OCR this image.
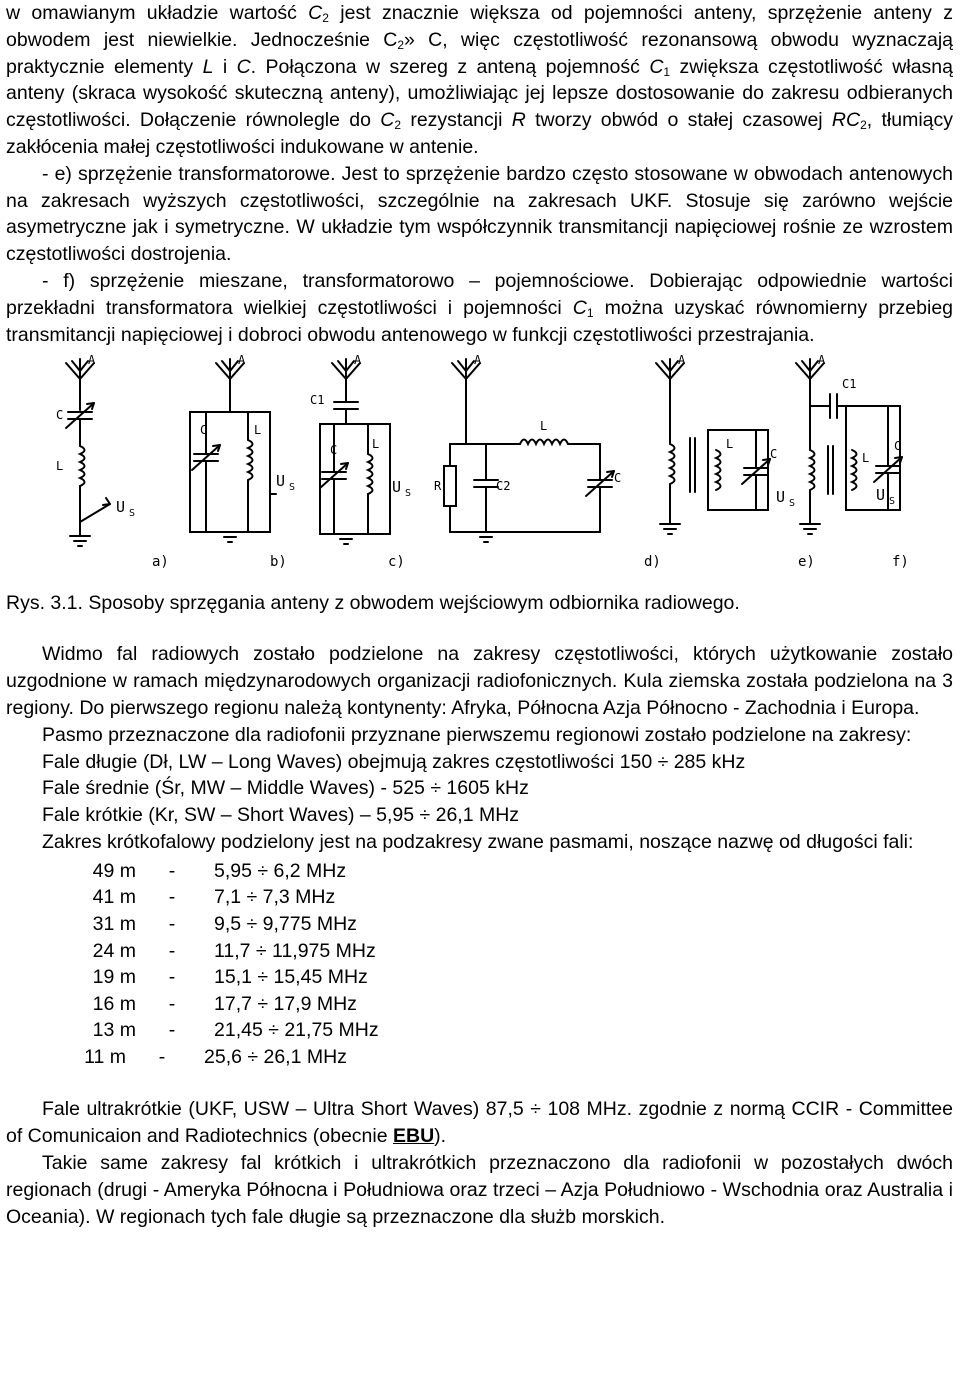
w omawianym układzie wartość $C_2$ jest znacznie większa od pojemności anteny, sprzężenie anteny z obwodem jest niewielkie. Jednocześnie $C_2$» C, więc częstotliwość rezonansową obwodu wyznaczają praktycznie elementy L i C. Połączona w szereg z anteną pojemność $C_1$ zwiększa częstotliwość własną anteny (skraca wysokość skuteczną anteny), umożliwiając jej lepsze dostosowanie do zakresu odbieranych częstotliwości. Dołączenie równolegle do $C_2$ rezystancji R tworzy obwód o stałej czasowej $RC_2$, tłumiący zakłócenia małej częstotliwości indukowane w antenie.

- e) sprzężenie transformatorowe. Jest to sprzężenie bardzo często stosowane w obwodach antenowych na zakresach wyższych częstotliwości, szczególnie na zakresach UKF. Stosuje się zarówno wejście asymetryczne jak i symetryczne. W układzie tym współczynnik transmitancji napięciowej rośnie ze wzrostem częstotliwości dostrojenia.

- f) sprzężenie mieszane, transformatorowo – pojemnościowe. Dobierając odpowiednie wartości przekładni transformatora wielkiej częstotliwości i pojemności $C_1$ można uzyskać równomierny przebieg transmitancji napięciowej i dobroci obwodu antenowego w funkcji częstotliwości przestrajania.

A
C
L
U S
a)
A
C	L
U S
b)
A
C1
C	L
U S
c)
A
R	C2
L
C
d)
A
L
C
U S
e)
A
C1
L
C
U S
f)

Rys. 3.1. Sposoby sprzęgania anteny z obwodem wejściowym odbiornika radiowego.

Widmo fal radiowych zostało podzielone na zakresy częstotliwości, których użytkowanie zostało uzgodnione w ramach międzynarodowych organizacji radiofonicznych. Kula ziemska została podzielona na 3 regiony. Do pierwszego regionu należą kontynenty: Afryka, Północna Azja Północno - Zachodnia i Europa.

Pasmo przeznaczone dla radiofonii przyznane pierwszemu regionowi zostało podzielone na zakresy:

Fale długie (Dł, LW – Long Waves) obejmują zakres częstotliwości 150 ÷ 285 kHz

Fale średnie (Śr, MW – Middle Waves) - 525 ÷ 1605 kHz

Fale krótkie (Kr, SW – Short Waves) – 5,95 ÷ 26,1 MHz

Zakres krótkofalowy podzielony jest na podzakresy zwane pasmami, noszące nazwę od długości fali:

49 m	-	5,95 ÷ 6,2 MHz
41 m	-	7,1 ÷ 7,3 MHz
31 m	-	9,5 ÷ 9,775 MHz
24 m	-	11,7 ÷ 11,975 MHz
19 m	-	15,1 ÷ 15,45 MHz
16 m	-	17,7 ÷ 17,9 MHz
13 m	-	21,45 ÷ 21,75 MHz
11 m	-	25,6 ÷ 26,1 MHz

Fale ultrakrótkie (UKF, USW – Ultra Short Waves) 87,5 ÷ 108 MHz. zgodnie z normą CCIR - Committee of Comunicaion and Radiotechnics (obecnie EBU).

Takie same zakresy fal krótkich i ultrakrótkich przeznaczono dla radiofonii w pozostałych dwóch regionach (drugi - Ameryka Północna i Południowa oraz trzeci – Azja Południowo - Wschodnia oraz Australia i Oceania). W regionach tych fale długie są przeznaczone dla służb morskich.
